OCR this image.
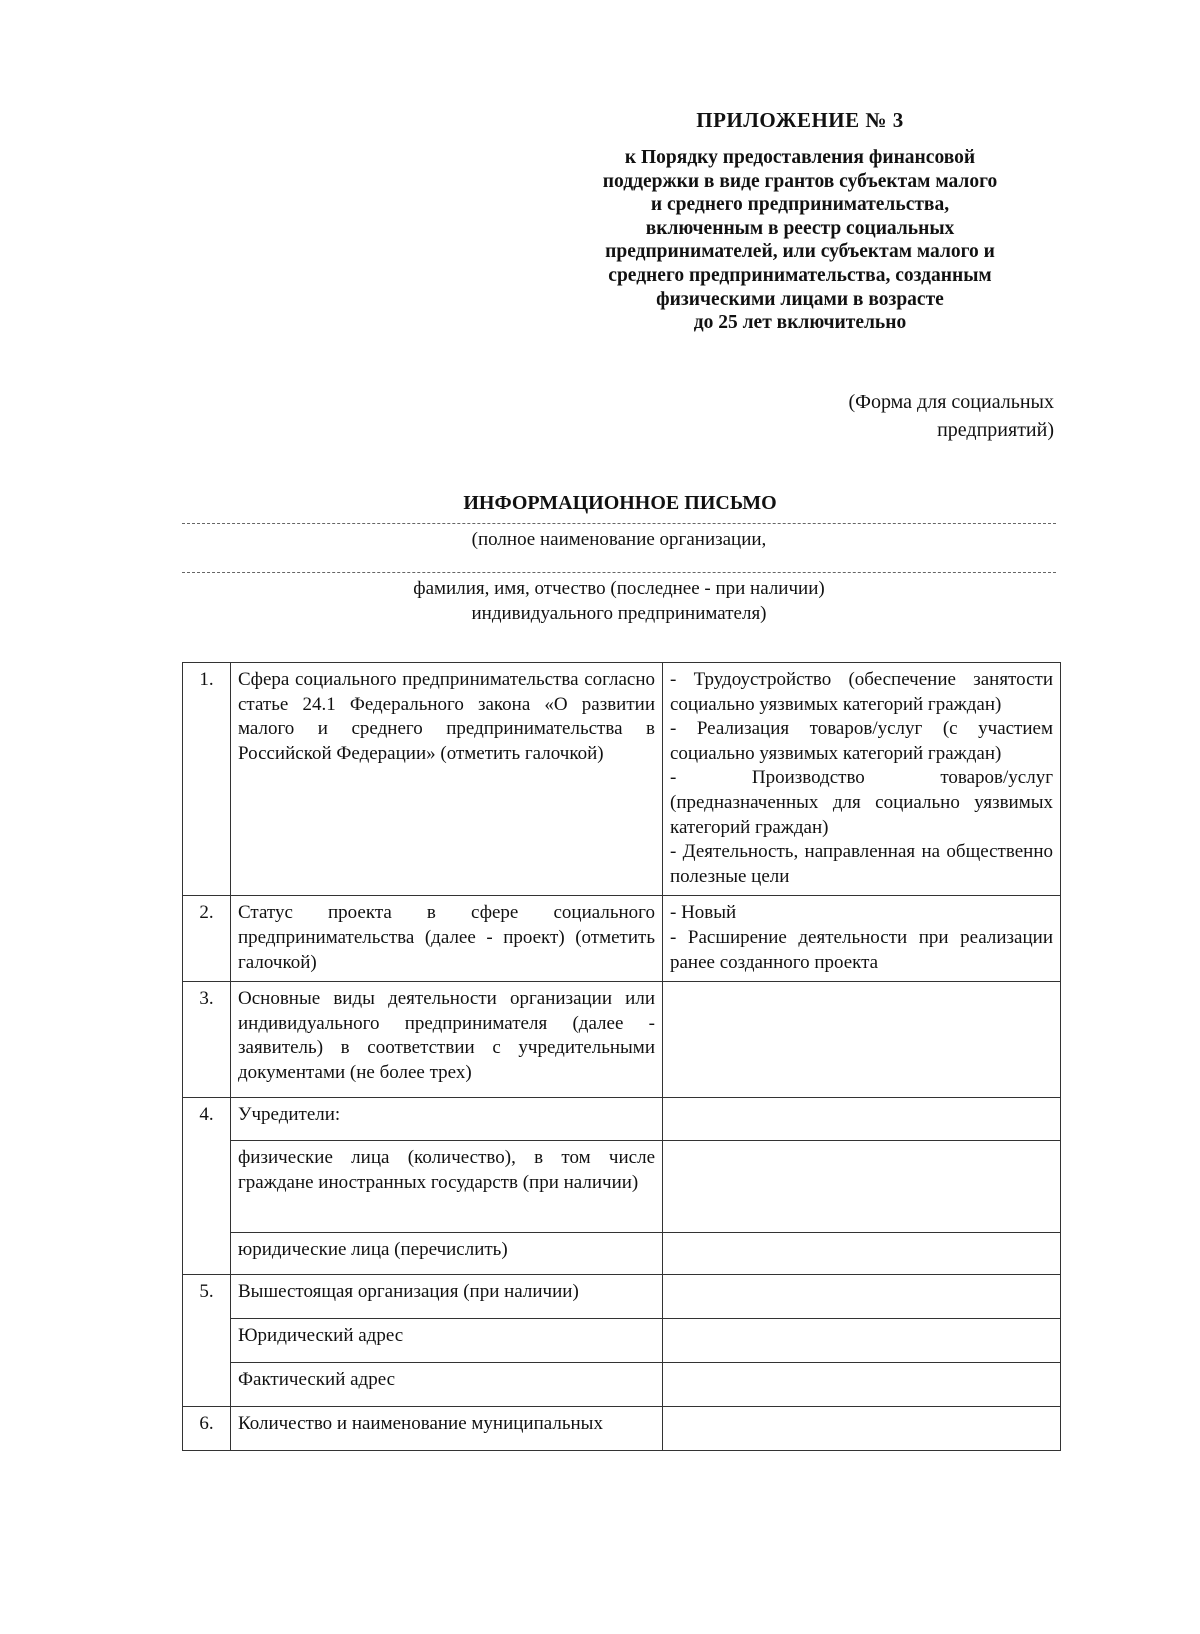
ПРИЛОЖЕНИЕ № 3
к Порядку предоставления финансовой
поддержки в виде грантов субъектам малого
и среднего предпринимательства,
включенным в реестр социальных
предпринимателей, или субъектам малого и
среднего предпринимательства, созданным
физическими лицами в возрасте
до 25 лет включительно
(Форма для социальных
предприятий)
ИНФОРМАЦИОННОЕ ПИСЬМО
(полное наименование организации,
фамилия, имя, отчество (последнее - при наличии)
индивидуального предпринимателя)
1.	Сфера социального предпринимательства согласно статье 24.1 Федерального закона «О развитии малого и среднего предпринимательства в Российской Федерации» (отметить галочкой)	- Трудоустройство (обеспечение занятости социально уязвимых категорий граждан)
- Реализация товаров/услуг (с участием социально уязвимых категорий граждан)
- Производство товаров/услуг (предназначенных для социально уязвимых категорий граждан)
- Деятельность, направленная на общественно полезные цели

2.	Статус проекта в сфере социального предпринимательства (далее - проект) (отметить галочкой)	- Новый
- Расширение деятельности при реализации ранее созданного проекта

3.	Основные виды деятельности организации или индивидуального предпринимателя (далее - заявитель) в соответствии с учредительными документами (не более трех)	
4.	Учредители:	
	физические лица (количество), в том числе граждане иностранных государств (при наличии)	
	юридические лица (перечислить)	
5.	Вышестоящая организация (при наличии)	
	Юридический адрес	
	Фактический адрес	
6.	Количество и наименование муниципальных	
